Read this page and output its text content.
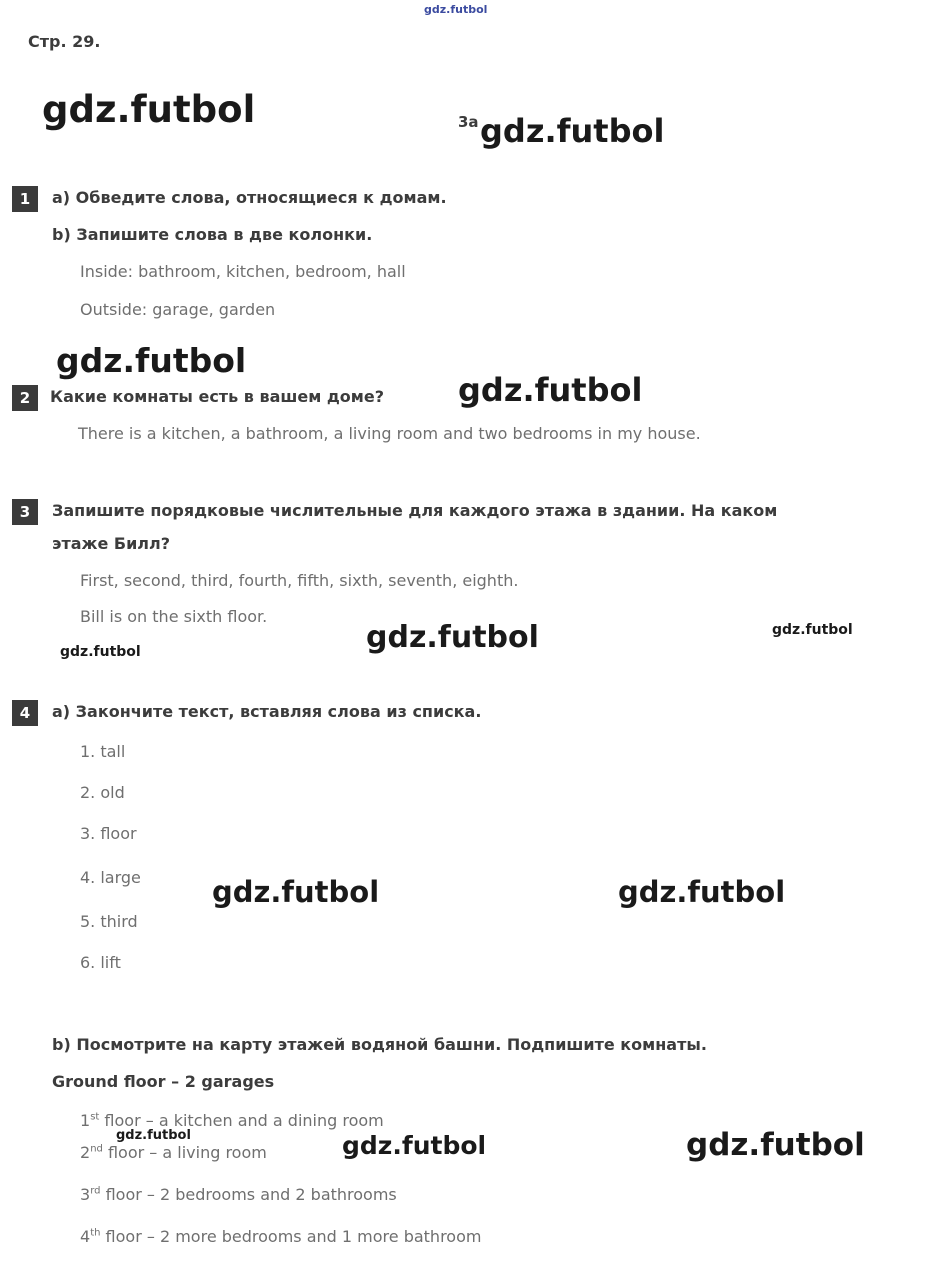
Стр. 29.
3a
1	a) Обведите слова, относящиеся к домам.
b) Запишите слова в две колонки.
Inside: bathroom, kitchen, bedroom, hall
Outside: garage, garden
2	Какие комнаты есть в вашем доме?
There is a kitchen, a bathroom, a living room and two bedrooms in my house.
3	Запишите порядковые числительные для каждого этажа в здании. На каком
этаже Билл?
First, second, third, fourth, fifth, sixth, seventh, eighth.
Bill is on the sixth floor.
4	a) Закончите текст, вставляя слова из списка.
1. tall
2. old
3. floor
4. large
5. third
6. lift
b) Посмотрите на карту этажей водяной башни. Подпишите комнаты.
Ground floor – 2 garages
1st floor – a kitchen and a dining room
2nd floor – a living room
3rd floor – 2 bedrooms and 2 bathrooms
4th floor – 2 more bedrooms and 1 more bathroom
gdz.futbol
gdz.futbol	gdz.futbol
gdz.futbol
gdz.futbol
gdz.futbol	gdz.futbol
gdz.futbol
gdz.futbol	gdz.futbol
gdz.futbol	gdz.futbol	gdz.futbol
